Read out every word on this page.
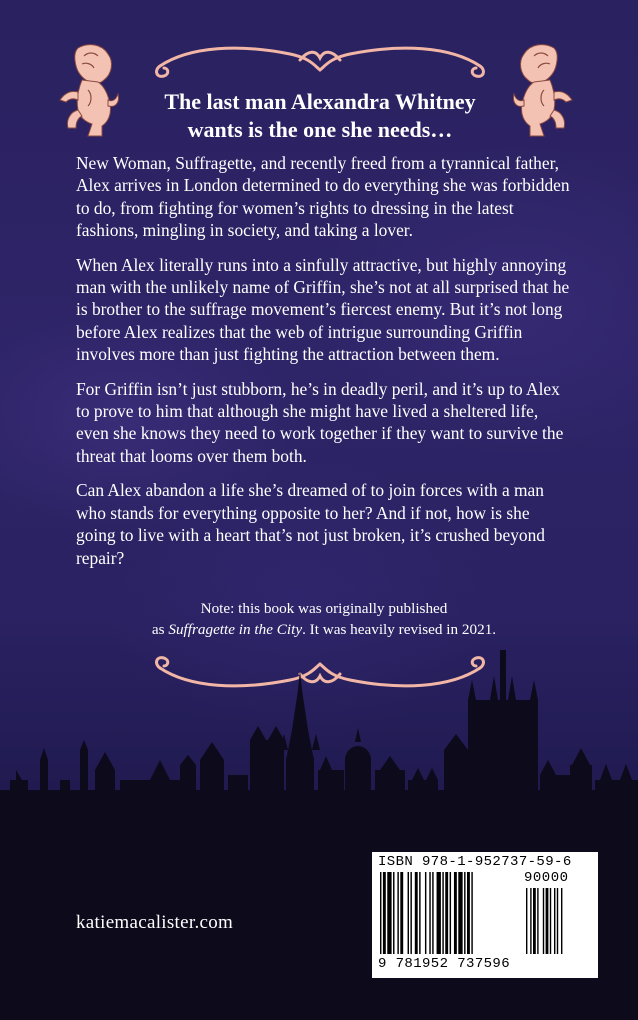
The last man Alexandra Whitney
wants is the one she needs…

New Woman, Suffragette, and recently freed from a tyrannical father, Alex arrives in London determined to do everything she was forbidden to do, from fighting for women’s rights to dressing in the latest fashions, mingling in society, and taking a lover.

When Alex literally runs into a sinfully attractive, but highly annoying man with the unlikely name of Griffin, she’s not at all surprised that he is brother to the suffrage movement’s fiercest enemy. But it’s not long before Alex realizes that the web of intrigue surrounding Griffin involves more than just fighting the attraction between them.

For Griffin isn’t just stubborn, he’s in deadly peril, and it’s up to Alex to prove to him that although she might have lived a sheltered life, even she knows they need to work together if they want to survive the threat that looms over them both.

Can Alex abandon a life she’s dreamed of to join forces with a man who stands for everything opposite to her? And if not, how is she going to live with a heart that’s not just broken, it’s crushed beyond repair?

Note: this book was originally published
as Suffragette in the City. It was heavily revised in 2021.
katiemacalister.com
ISBN 978-1-952737-59-6
90000
9 781952 737596
